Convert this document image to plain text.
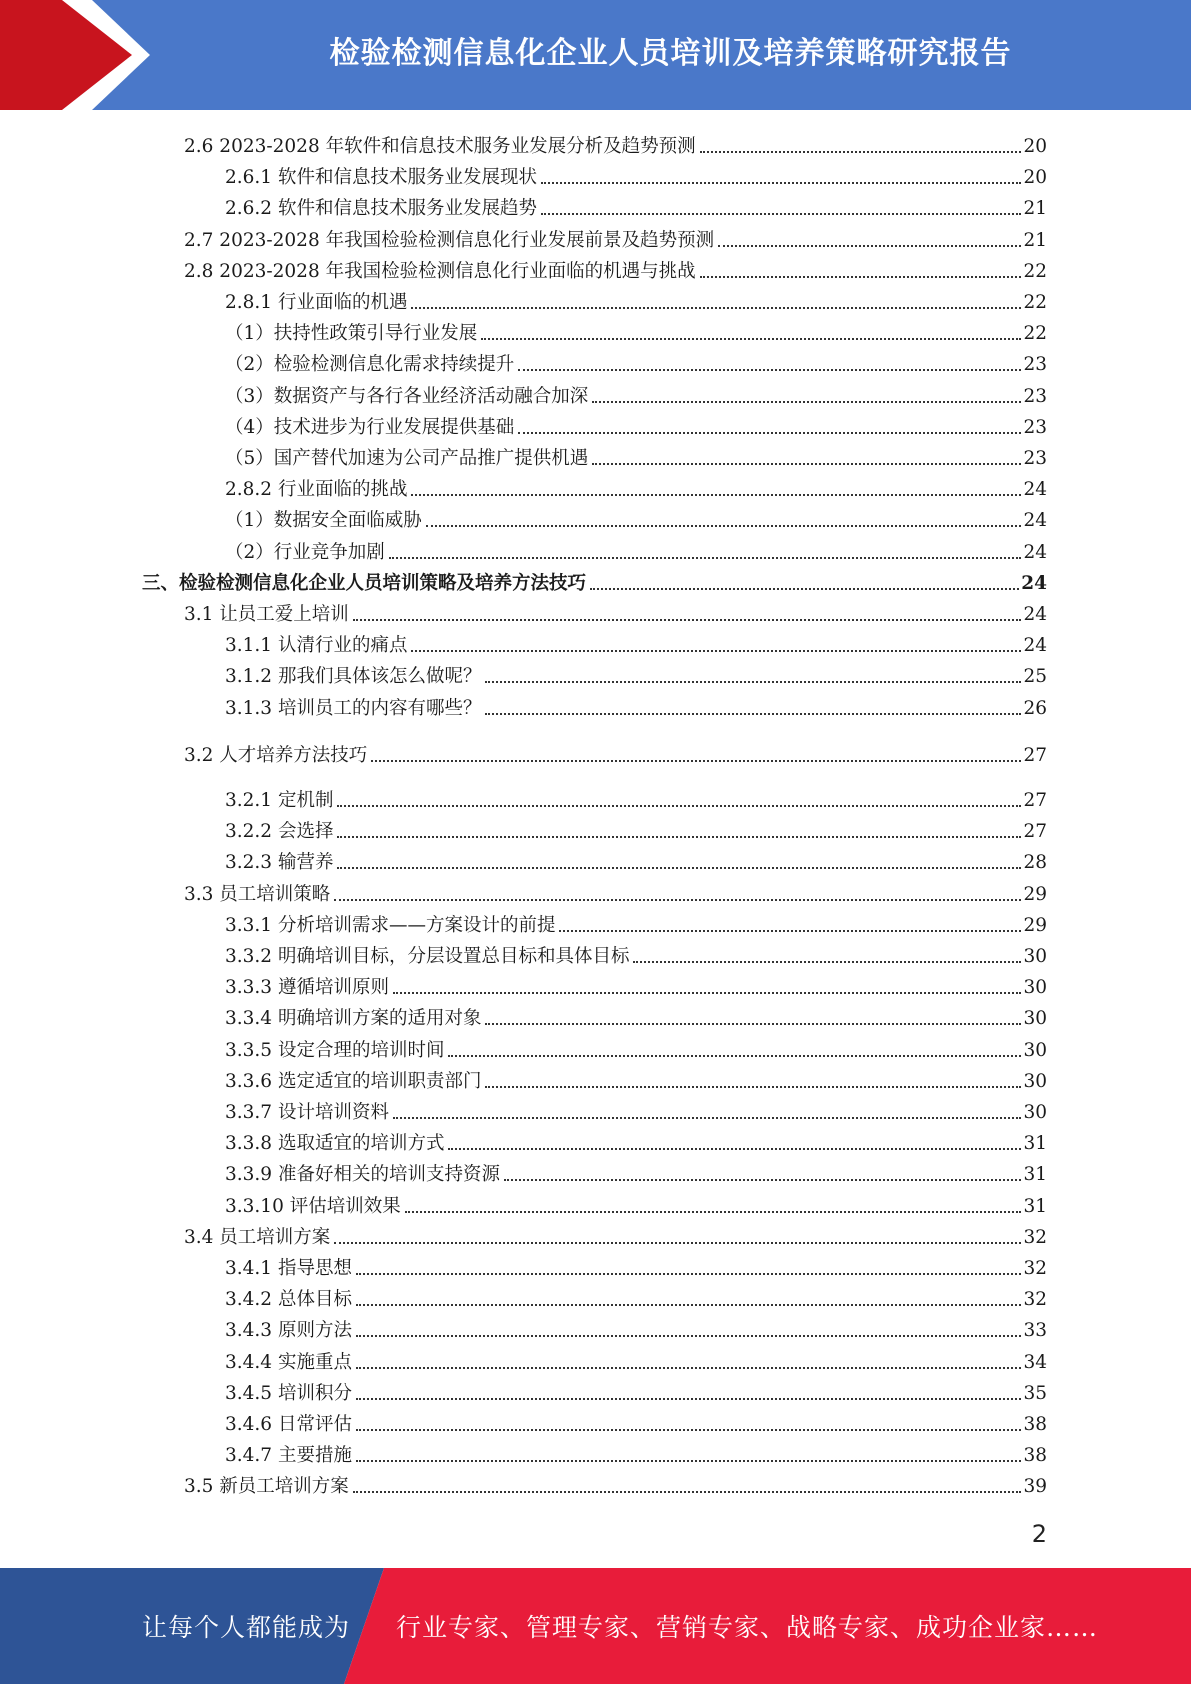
检验检测信息化企业人员培训及培养策略研究报告
2.6 2023-2028 年软件和信息技术服务业发展分析及趋势预测	20
2.6.1 软件和信息技术服务业发展现状	20
2.6.2 软件和信息技术服务业发展趋势	21
2.7 2023-2028 年我国检验检测信息化行业发展前景及趋势预测	21
2.8 2023-2028 年我国检验检测信息化行业面临的机遇与挑战	22
2.8.1 行业面临的机遇	22
（1）扶持性政策引导行业发展	22
（2）检验检测信息化需求持续提升	23
（3）数据资产与各行各业经济活动融合加深	23
（4）技术进步为行业发展提供基础	23
（5）国产替代加速为公司产品推广提供机遇	23
2.8.2 行业面临的挑战	24
（1）数据安全面临威胁	24
（2）行业竞争加剧	24
三、检验检测信息化企业人员培训策略及培养方法技巧	24
3.1 让员工爱上培训	24
3.1.1 认清行业的痛点	24
3.1.2 那我们具体该怎么做呢？	25
3.1.3 培训员工的内容有哪些？	26
3.2 人才培养方法技巧	27
3.2.1 定机制	27
3.2.2 会选择	27
3.2.3 输营养	28
3.3 员工培训策略	29
3.3.1 分析培训需求——方案设计的前提	29
3.3.2 明确培训目标，分层设置总目标和具体目标	30
3.3.3 遵循培训原则	30
3.3.4 明确培训方案的适用对象	30
3.3.5 设定合理的培训时间	30
3.3.6 选定适宜的培训职责部门	30
3.3.7 设计培训资料	30
3.3.8 选取适宜的培训方式	31
3.3.9 准备好相关的培训支持资源	31
3.3.10 评估培训效果	31
3.4 员工培训方案	32
3.4.1 指导思想	32
3.4.2 总体目标	32
3.4.3 原则方法	33
3.4.4 实施重点	34
3.4.5 培训积分	35
3.4.6 日常评估	38
3.4.7 主要措施	38
3.5 新员工培训方案	39
2
让每个人都能成为	行业专家、管理专家、营销专家、战略专家、成功企业家……
